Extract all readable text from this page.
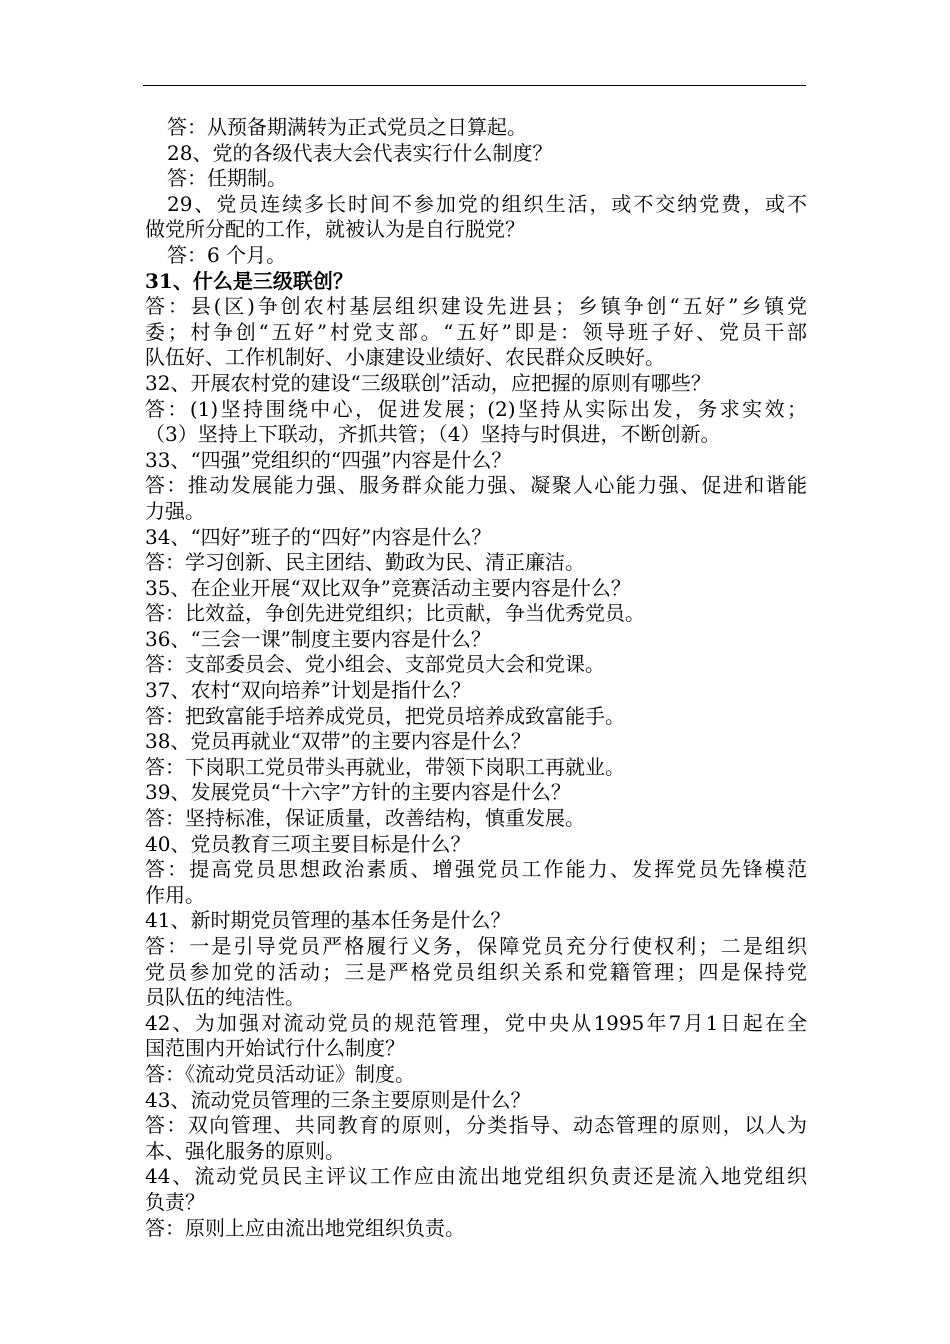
答：从预备期满转为正式党员之日算起。
28、党的各级代表大会代表实行什么制度？
答：任期制。
29、党员连续多长时间不参加党的组织生活，或不交纳党费，或不
做党所分配的工作，就被认为是自行脱党？
答：6 个月。
31、什么是三级联创？
答：县(区)争创农村基层组织建设先进县；乡镇争创“五好”乡镇党
委；村争创“五好”村党支部。“五好”即是：领导班子好、党员干部
队伍好、工作机制好、小康建设业绩好、农民群众反映好。
32、开展农村党的建设“三级联创”活动，应把握的原则有哪些？
答：(1)坚持围绕中心，促进发展；(2)坚持从实际出发，务求实效；
（3）坚持上下联动，齐抓共管；（4）坚持与时俱进，不断创新。
33、“四强”党组织的“四强”内容是什么？
答：推动发展能力强、服务群众能力强、凝聚人心能力强、促进和谐能
力强。
34、“四好”班子的“四好”内容是什么？
答：学习创新、民主团结、勤政为民、清正廉洁。
35、在企业开展“双比双争”竞赛活动主要内容是什么？
答：比效益，争创先进党组织；比贡献，争当优秀党员。
36、“三会一课”制度主要内容是什么？
答：支部委员会、党小组会、支部党员大会和党课。
37、农村“双向培养”计划是指什么？
答：把致富能手培养成党员，把党员培养成致富能手。
38、党员再就业“双带”的主要内容是什么？
答：下岗职工党员带头再就业，带领下岗职工再就业。
39、发展党员“十六字”方针的主要内容是什么？
答：坚持标准，保证质量，改善结构，慎重发展。
40、党员教育三项主要目标是什么？
答：提高党员思想政治素质、增强党员工作能力、发挥党员先锋模范
作用。
41、新时期党员管理的基本任务是什么？
答：一是引导党员严格履行义务，保障党员充分行使权利；二是组织
党员参加党的活动；三是严格党员组织关系和党籍管理；四是保持党
员队伍的纯洁性。
42、为加强对流动党员的规范管理，党中央从1995年7月1日起在全
国范围内开始试行什么制度？
答：《流动党员活动证》制度。
43、流动党员管理的三条主要原则是什么？
答：双向管理、共同教育的原则，分类指导、动态管理的原则，以人为
本、强化服务的原则。
44、流动党员民主评议工作应由流出地党组织负责还是流入地党组织
负责？
答：原则上应由流出地党组织负责。
